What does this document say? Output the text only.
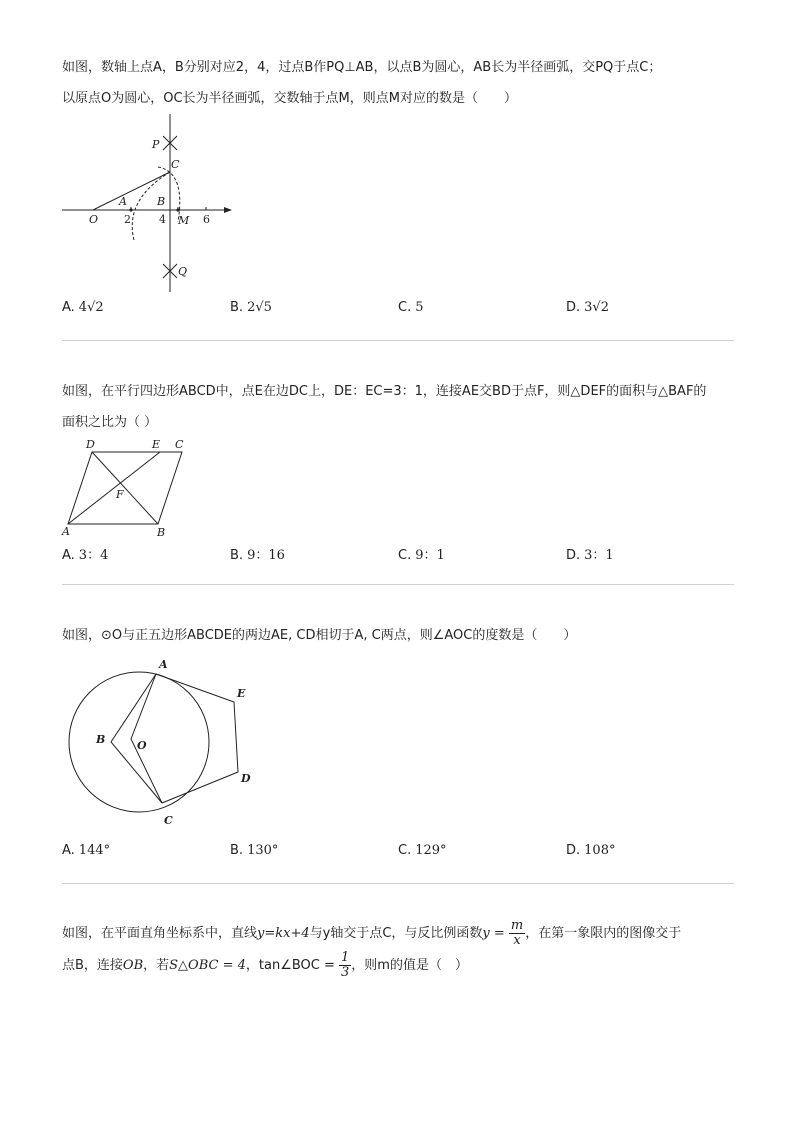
如图，数轴上点A，B分别对应2，4，过点B作PQ⊥AB，以点B为圆心，AB长为半径画弧，交PQ于点C；
以原点O为圆心，OC长为半径画弧，交数轴于点M，则点M对应的数是（　　）
O
A	B
2	4 M 6
P
C
Q
A. 4√2	B. 2√5	C. 5	D. 3√2
如图，在平行四边形ABCD中，点E在边DC上，DE：EC=3：1，连接AE交BD于点F，则△DEF的面积与△BAF的
面积之比为（ ）
D	E C
F
A	B
A. 3：4	B. 9：16	C. 9：1	D. 3：1
如图，⊙O与正五边形ABCDE的两边AE, CD相切于A, C两点，则∠AOC的度数是（　　）
A
B	O
E
D
C
A. 144°	B. 130°	C. 129°	D. 108°
如图，在平面直角坐标系中，直线y=kx+4与y轴交于点C，与反比例函数$y = \frac{m}{x}$ ，在第一象限内的图像交于
点B，连接OB，若S△OBC = 4，tan∠BOC = $\frac{1}{3}$ ，则m的值是（　）
